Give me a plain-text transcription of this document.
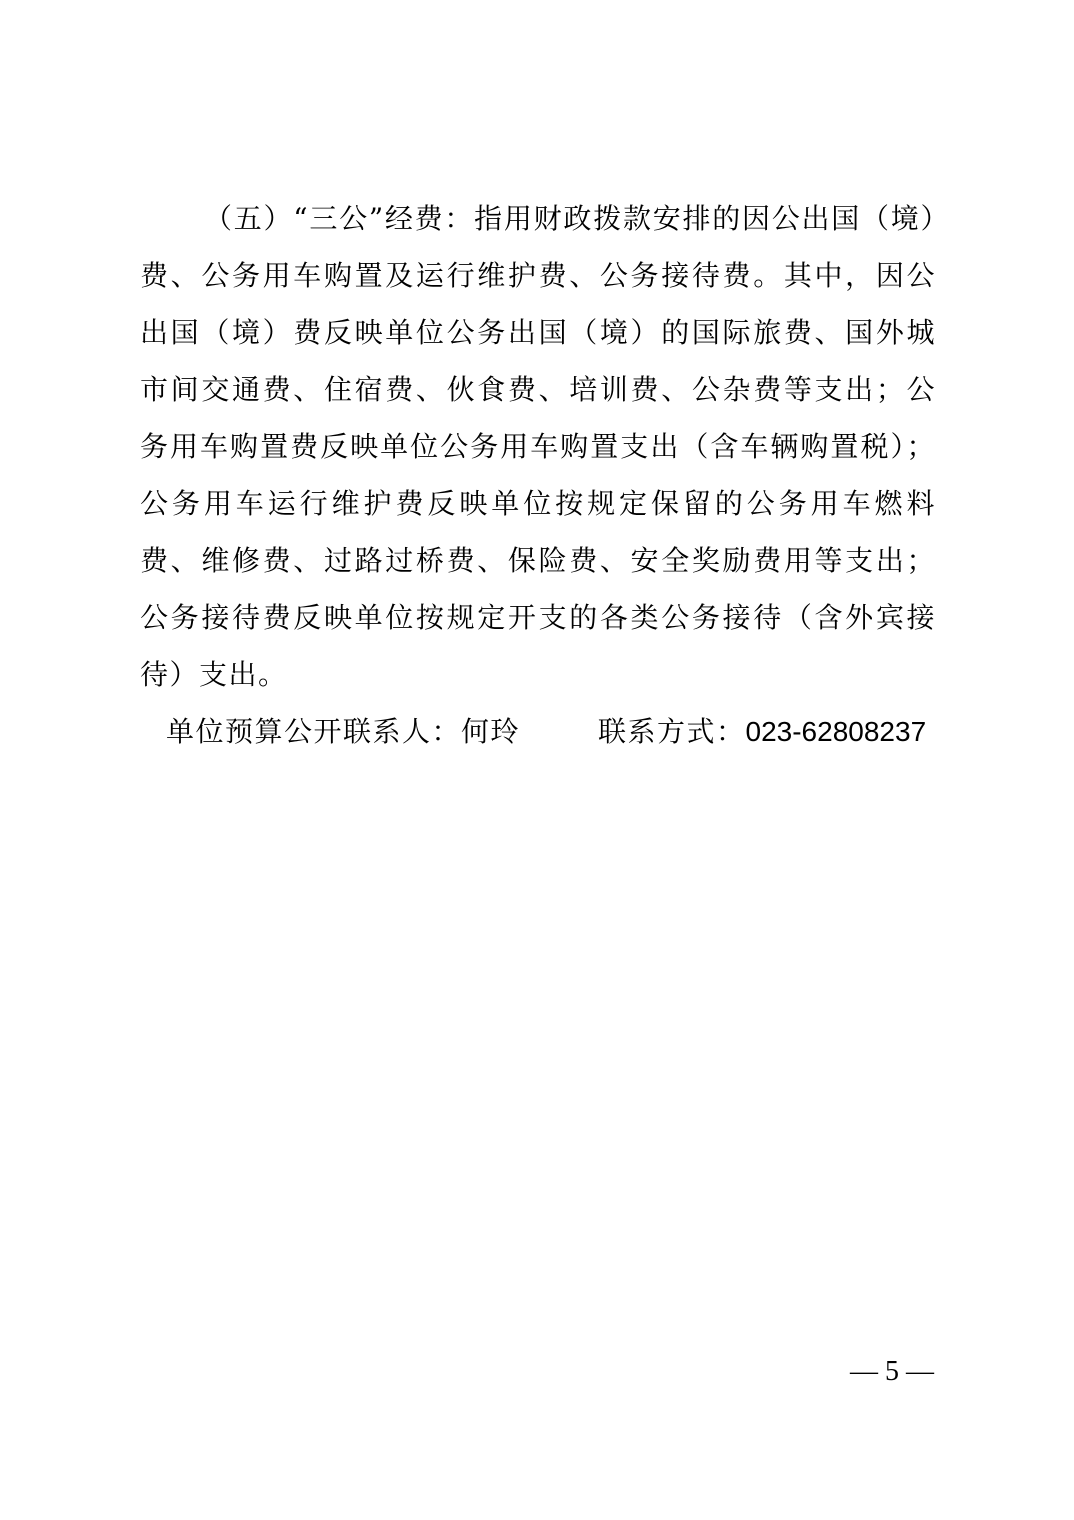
（五）“三公”经费：指用财政拨款安排的因公出国（境）费、公务用车购置及运行维护费、公务接待费。其中，因公出国（境）费反映单位公务出国（境）的国际旅费、国外城市间交通费、住宿费、伙食费、培训费、公杂费等支出；公务用车购置费反映单位公务用车购置支出（含车辆购置税）；公务用车运行维护费反映单位按规定保留的公务用车燃料费、维修费、过路过桥费、保险费、安全奖励费用等支出；公务接待费反映单位按规定开支的各类公务接待（含外宾接待）支出。

单位预算公开联系人：何玲	联系方式：023-62808237

— 5 —
